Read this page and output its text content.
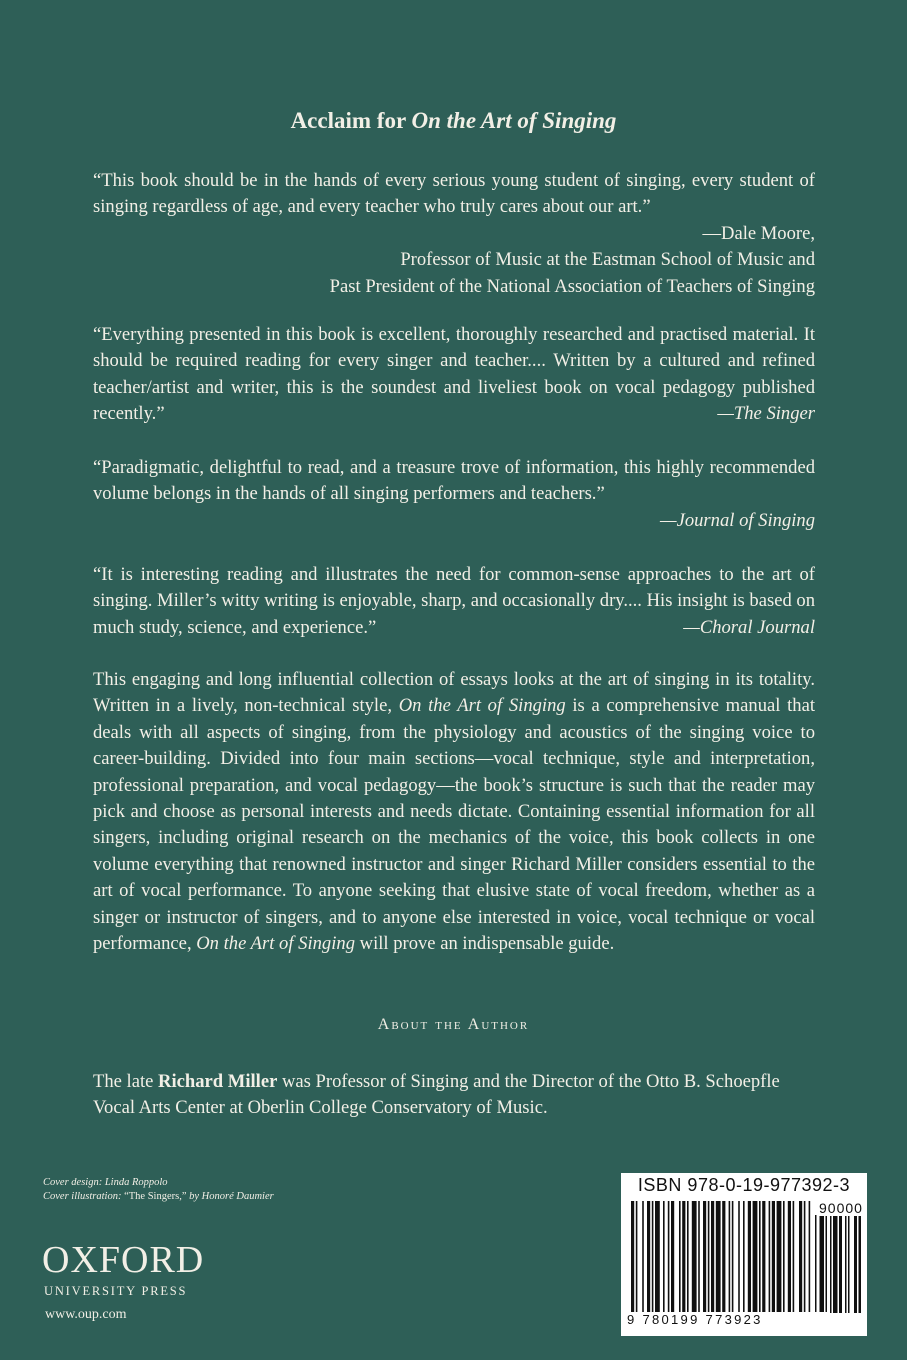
Acclaim for On the Art of Singing

“This book should be in the hands of every serious young student of singing, every student of singing regardless of age, and every teacher who truly cares about our art.”

—Dale Moore,
Professor of Music at the Eastman School of Music and
Past President of the National Association of Teachers of Singing

“Everything presented in this book is excellent, thoroughly researched and practised material. It should be required reading for every singer and teacher.... Written by a cultured and refined teacher/artist and writer, this is the soundest and liveliest book on vocal pedagogy published recently.”	—The Singer

“Paradigmatic, delightful to read, and a treasure trove of information, this highly recommended volume belongs in the hands of all singing performers and teachers.”

—Journal of Singing

“It is interesting reading and illustrates the need for common-sense approaches to the art of singing. Miller’s witty writing is enjoyable, sharp, and occasionally dry.... His insight is based on much study, science, and experience.”	—Choral Journal

This engaging and long influential collection of essays looks at the art of singing in its totality. Written in a lively, non-technical style, On the Art of Singing is a comprehensive manual that deals with all aspects of singing, from the physiology and acoustics of the singing voice to career-building. Divided into four main sections—vocal technique, style and interpretation, professional preparation, and vocal pedagogy—the book’s structure is such that the reader may pick and choose as personal interests and needs dictate. Containing essential information for all singers, including original research on the mechanics of the voice, this book collects in one volume everything that renowned instructor and singer Richard Miller considers essential to the art of vocal performance. To anyone seeking that elusive state of vocal freedom, whether as a singer or instructor of singers, and to anyone else interested in voice, vocal technique or vocal performance, On the Art of Singing will prove an indispensable guide.

About the Author

The late Richard Miller was Professor of Singing and the Director of the Otto B. Schoepfle Vocal Arts Center at Oberlin College Conservatory of Music.

Cover design: Linda Roppolo
Cover illustration: “The Singers,” by Honoré Daumier
OXFORD
UNIVERSITY PRESS
www.oup.com
ISBN 978-0-19-977392-3
90000
9 780199 773923
